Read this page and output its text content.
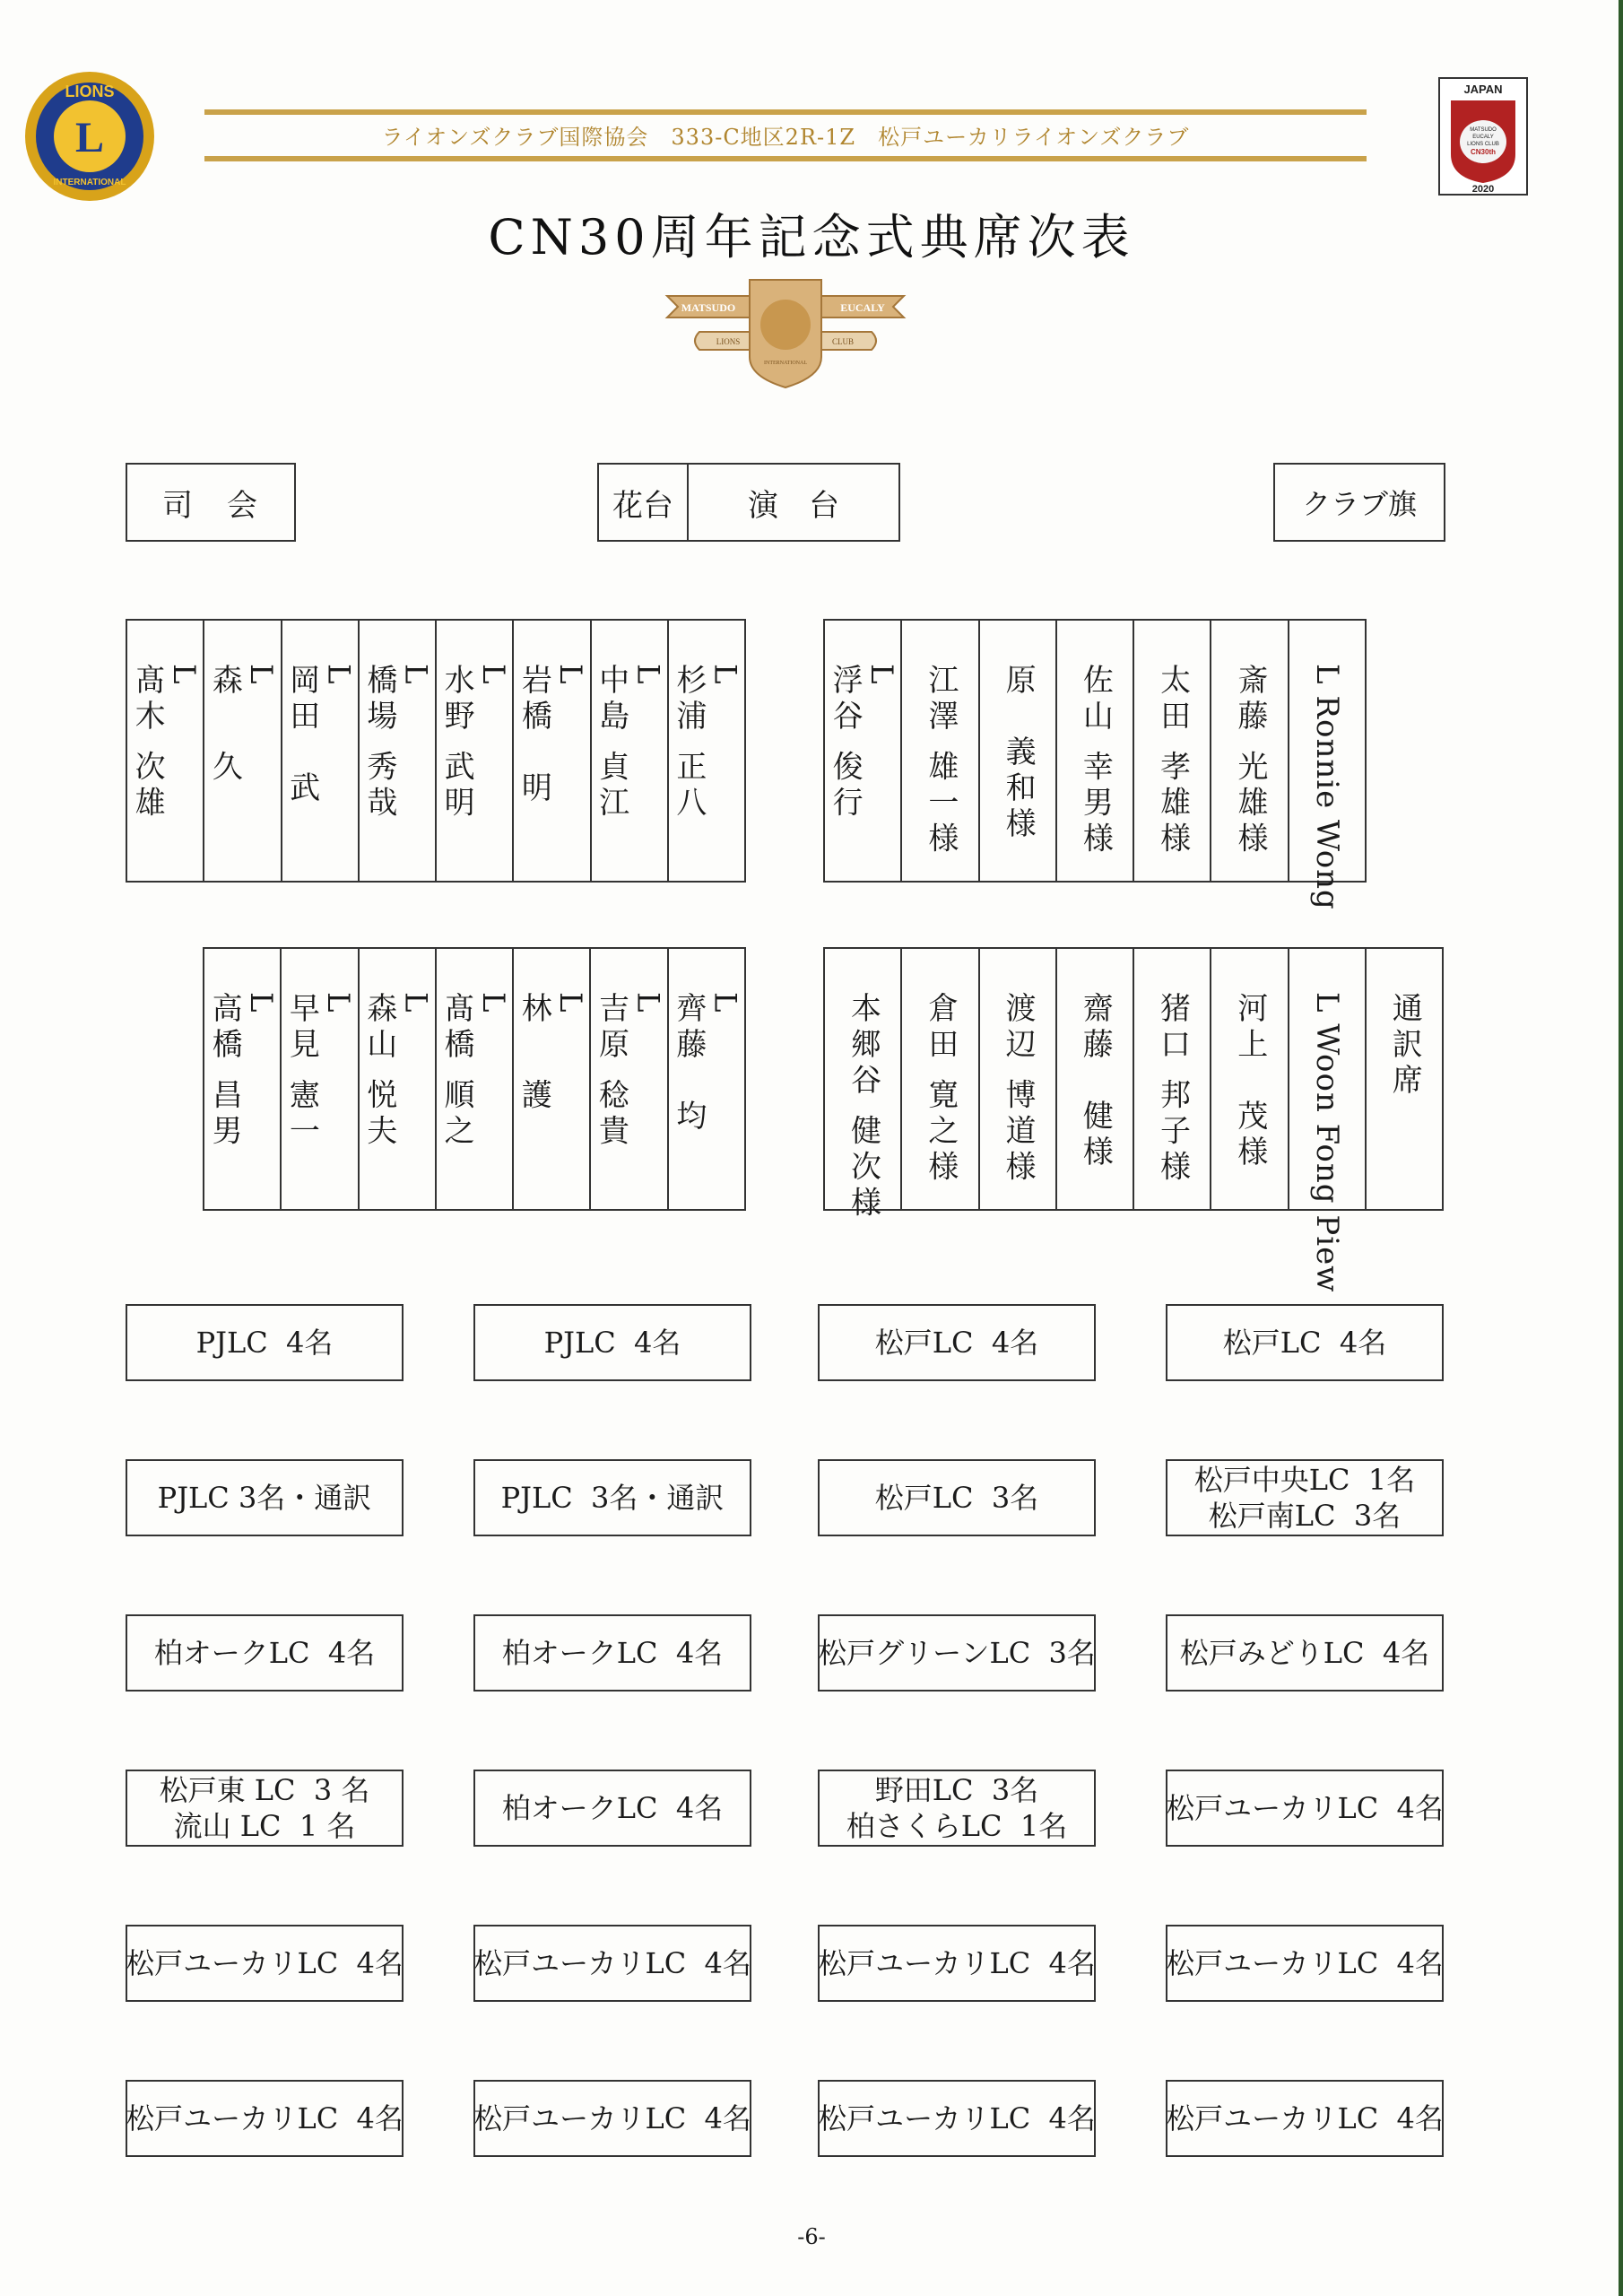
L
LIONS
INTERNATIONAL
ライオンズクラブ国際協会　333-C地区2R-1Z　松戸ユーカリライオンズクラブ
JAPAN
MATSUDO
EUCALY
LIONS CLUB
CN30th
2020
CN30周年記念式典席次表
MATSUDO	EUCALY
LIONS	CLUB
INTERNATIONAL
司　会	花台	演　台	クラブ旗
L
髙木 次雄
L
森　 久
L
岡田　武
L
橋場 秀哉
L
水野 武明
L
岩橋　明
L
中島 貞江
L
杉浦 正八
L
浮谷 俊行	江澤 雄一様 原　義和様 佐山 幸男様 太田 孝雄様 斎藤 光雄様 L Ronnie Wong
L
高橋 昌男
L
早見 憲一
L
森山 悦夫
L
髙橋 順之
L
林　 護
L
吉原 稔貴
L
齊藤　均	本郷谷 健次様 倉田 寛之様 渡辺 博道様 齋藤　健様 猪口 邦子様 河上　茂様 L Woon Fong Piew 通訳席
PJLC  4名	PJLC  4名	松戸LC  4名	松戸LC  4名
PJLC 3名・通訳	PJLC  3名・通訳	松戸LC  3名
松戸中央LC  1名
松戸南LC  3名
柏オークLC  4名	柏オークLC  4名	松戸グリーンLC  3名	松戸みどりLC  4名
松戸東 LC  3 名
流山 LC  1 名
柏オークLC  4名
野田LC  3名
柏さくらLC  1名
松戸ユーカリLC  4名
松戸ユーカリLC  4名 松戸ユーカリLC  4名 松戸ユーカリLC  4名 松戸ユーカリLC  4名
松戸ユーカリLC  4名 松戸ユーカリLC  4名 松戸ユーカリLC  4名 松戸ユーカリLC  4名
-6-
